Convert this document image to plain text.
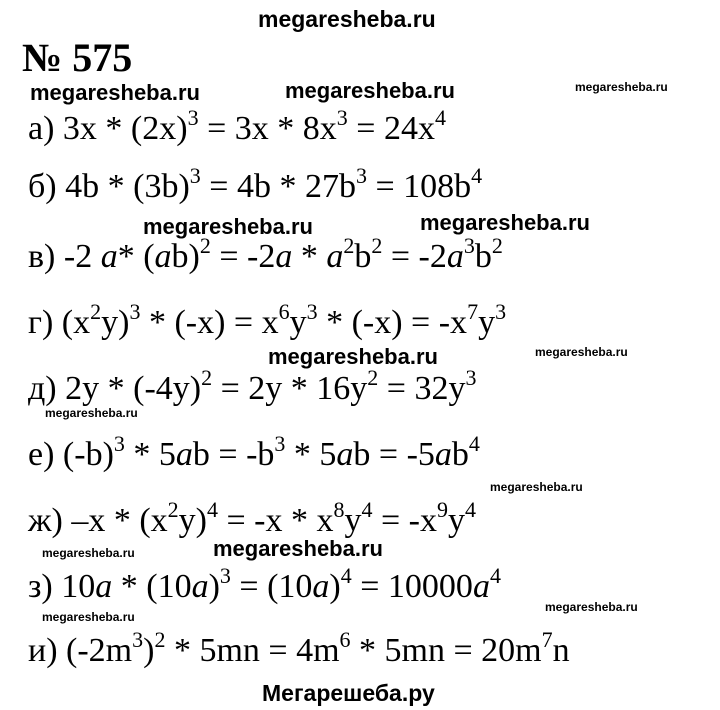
megaresheba.ru
№ 575
megaresheba.ru
megaresheba.ru	megaresheba.ru
megaresheba.ru	megaresheba.ru
megaresheba.ru	megaresheba.ru
megaresheba.ru
megaresheba.ru
megaresheba.ru	megaresheba.ru
megaresheba.ru
megaresheba.ru
а) $3x * (2x)^3 = 3x * 8x^3 = 24x^4$
б) $4b * (3b)^3 = 4b * 27b^3 = 108b^4$
в) -2 a* $(ab)^2 = -2a * a^2b^2 = -2a^3b^2$
г) $(x^2y)^3 * (-x) = x^6y^3 * (-x) = -x^7y^3$
д) $2y * (-4y)^2 = 2y * 16y^2 = 32y^3$
е) $(-b)^3 * 5ab = -b^3 * 5ab = -5ab^4$
ж) $-x * (x^2y)^4 = -x * x^8y^4 = -x^9y^4$
з) $10a * (10a)^3 = (10a)^4 = 10000a^4$
и) $(-2m^3)^2 * 5mn = 4m^6 * 5mn = 20m^7n$
Мегарешеба.ру
